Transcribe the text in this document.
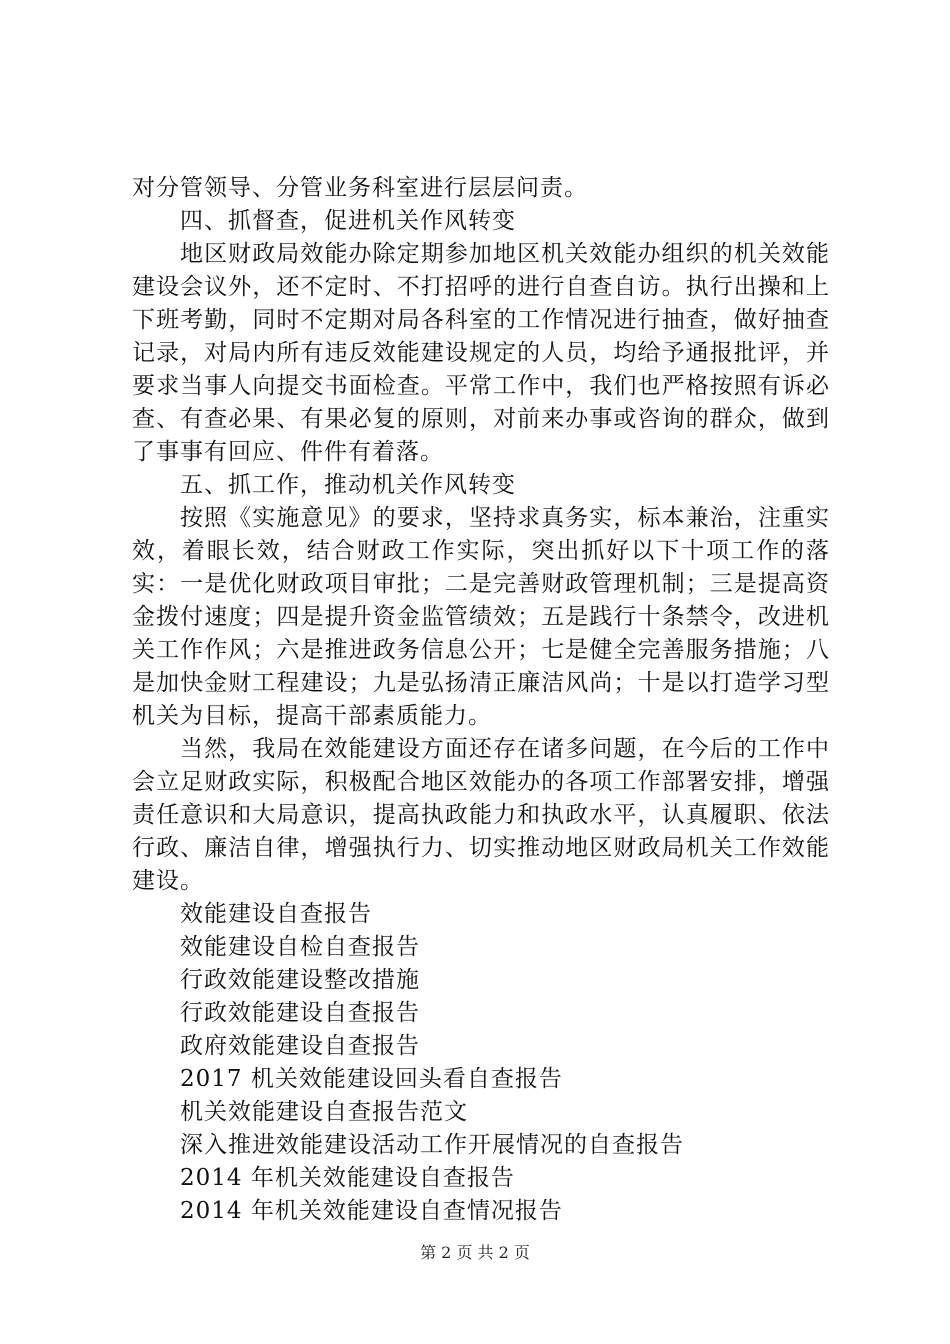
对分管领导、分管业务科室进行层层问责。

四、抓督查，促进机关作风转变

地区财政局效能办除定期参加地区机关效能办组织的机关效能建设会议外，还不定时、不打招呼的进行自查自访。执行出操和上下班考勤，同时不定期对局各科室的工作情况进行抽查，做好抽查记录，对局内所有违反效能建设规定的人员，均给予通报批评，并要求当事人向提交书面检查。平常工作中，我们也严格按照有诉必查、有查必果、有果必复的原则，对前来办事或咨询的群众，做到了事事有回应、件件有着落。

五、抓工作，推动机关作风转变

按照《实施意见》的要求，坚持求真务实，标本兼治，注重实效，着眼长效，结合财政工作实际，突出抓好以下十项工作的落实：一是优化财政项目审批；二是完善财政管理机制；三是提高资金拨付速度；四是提升资金监管绩效；五是践行十条禁令，改进机关工作作风；六是推进政务信息公开；七是健全完善服务措施；八是加快金财工程建设；九是弘扬清正廉洁风尚；十是以打造学习型机关为目标，提高干部素质能力。

当然，我局在效能建设方面还存在诸多问题，在今后的工作中会立足财政实际，积极配合地区效能办的各项工作部署安排，增强责任意识和大局意识，提高执政能力和执政水平，认真履职、依法行政、廉洁自律，增强执行力、切实推动地区财政局机关工作效能建设。

效能建设自查报告
效能建设自检自查报告
行政效能建设整改措施
行政效能建设自查报告
政府效能建设自查报告
2017 机关效能建设回头看自查报告
机关效能建设自查报告范文
深入推进效能建设活动工作开展情况的自查报告
2014 年机关效能建设自查报告
2014 年机关效能建设自查情况报告
第 2 页 共 2 页
